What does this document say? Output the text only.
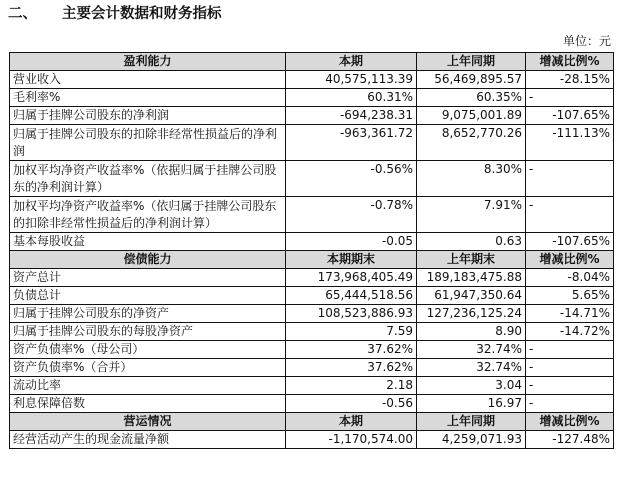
二、 主要会计数据和财务指标
单位：元
盈利能力	本期	上年同期	增减比例%
营业收入	40,575,113.39	56,469,895.57	-28.15%
毛利率%	60.31%	60.35%	-
归属于挂牌公司股东的净利润	-694,238.31	9,075,001.89	-107.65%
归属于挂牌公司股东的扣除非经常性损益后的净利润	-963,361.72	8,652,770.26	-111.13%
加权平均净资产收益率%（依据归属于挂牌公司股东的净利润计算）	-0.56%	8.30%	-
加权平均净资产收益率%（依归属于挂牌公司股东的扣除非经常性损益后的净利润计算）	-0.78%	7.91%	-
基本每股收益	-0.05	0.63	-107.65%
偿债能力	本期期末	上年期末	增减比例%
资产总计	173,968,405.49	189,183,475.88	-8.04%
负债总计	65,444,518.56	61,947,350.64	5.65%
归属于挂牌公司股东的净资产	108,523,886.93	127,236,125.24	-14.71%
归属于挂牌公司股东的每股净资产	7.59	8.90	-14.72%
资产负债率%（母公司）	37.62%	32.74%	-
资产负债率%（合并）	37.62%	32.74%	-
流动比率	2.18	3.04	-
利息保障倍数	-0.56	16.97	-
营运情况	本期	上年同期	增减比例%
经营活动产生的现金流量净额	-1,170,574.00	4,259,071.93	-127.48%
